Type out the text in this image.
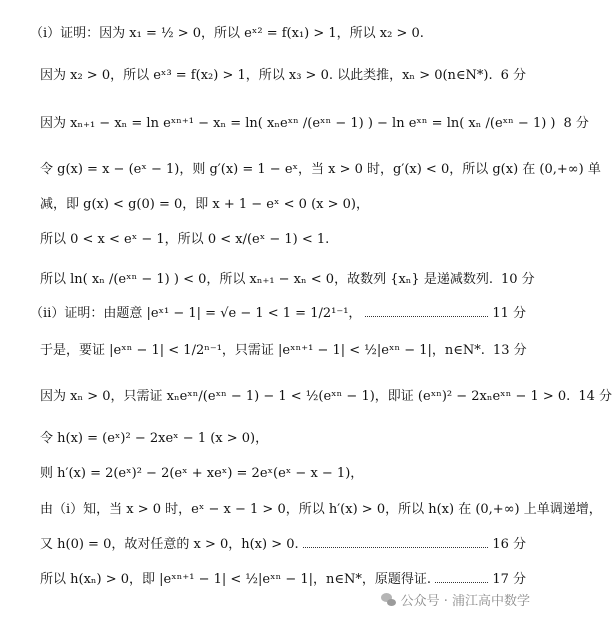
（ⅰ）证明：因为 x₁ = ½ > 0，所以 eˣ² = f(x₁) > 1，所以 x₂ > 0.
因为 x₂ > 0，所以 eˣ³ = f(x₂) > 1，所以 x₃ > 0. 以此类推，xₙ > 0(n∈N*). 6 分
因为 xₙ₊₁ − xₙ = ln eˣⁿ⁺¹ − xₙ = ln( xₙeˣⁿ /(eˣⁿ − 1) ) − ln eˣⁿ = ln( xₙ /(eˣⁿ − 1) ) 8 分
令 g(x) = x − (eˣ − 1)，则 g′(x) = 1 − eˣ，当 x > 0 时，g′(x) < 0，所以 g(x) 在 (0,+∞) 单
减，即 g(x) < g(0) = 0，即 x + 1 − eˣ < 0 (x > 0)，
所以 0 < x < eˣ − 1，所以 0 < x/(eˣ − 1) < 1.
所以 ln( xₙ /(eˣⁿ − 1) ) < 0，所以 xₙ₊₁ − xₙ < 0，故数列 {xₙ} 是递减数列. 10 分
（ⅱ）证明：由题意 |eˣ¹ − 1| = √e − 1 < 1 = 1/2¹⁻¹，	11 分
于是，要证 |eˣⁿ − 1| < 1/2ⁿ⁻¹，只需证 |eˣⁿ⁺¹ − 1| < ½|eˣⁿ − 1|，n∈N*. 13 分
因为 xₙ > 0，只需证 xₙeˣⁿ/(eˣⁿ − 1) − 1 < ½(eˣⁿ − 1)，即证 (eˣⁿ)² − 2xₙeˣⁿ − 1 > 0. 14 分
令 h(x) = (eˣ)² − 2xeˣ − 1 (x > 0)，
则 h′(x) = 2(eˣ)² − 2(eˣ + xeˣ) = 2eˣ(eˣ − x − 1)，
由（ⅰ）知，当 x > 0 时，eˣ − x − 1 > 0，所以 h′(x) > 0，所以 h(x) 在 (0,+∞) 上单调递增，
又 h(0) = 0，故对任意的 x > 0，h(x) > 0.	16 分
所以 h(xₙ) > 0，即 |eˣⁿ⁺¹ − 1| < ½|eˣⁿ − 1|，n∈N*，原题得证.	17 分
公众号 · 浦江高中数学
